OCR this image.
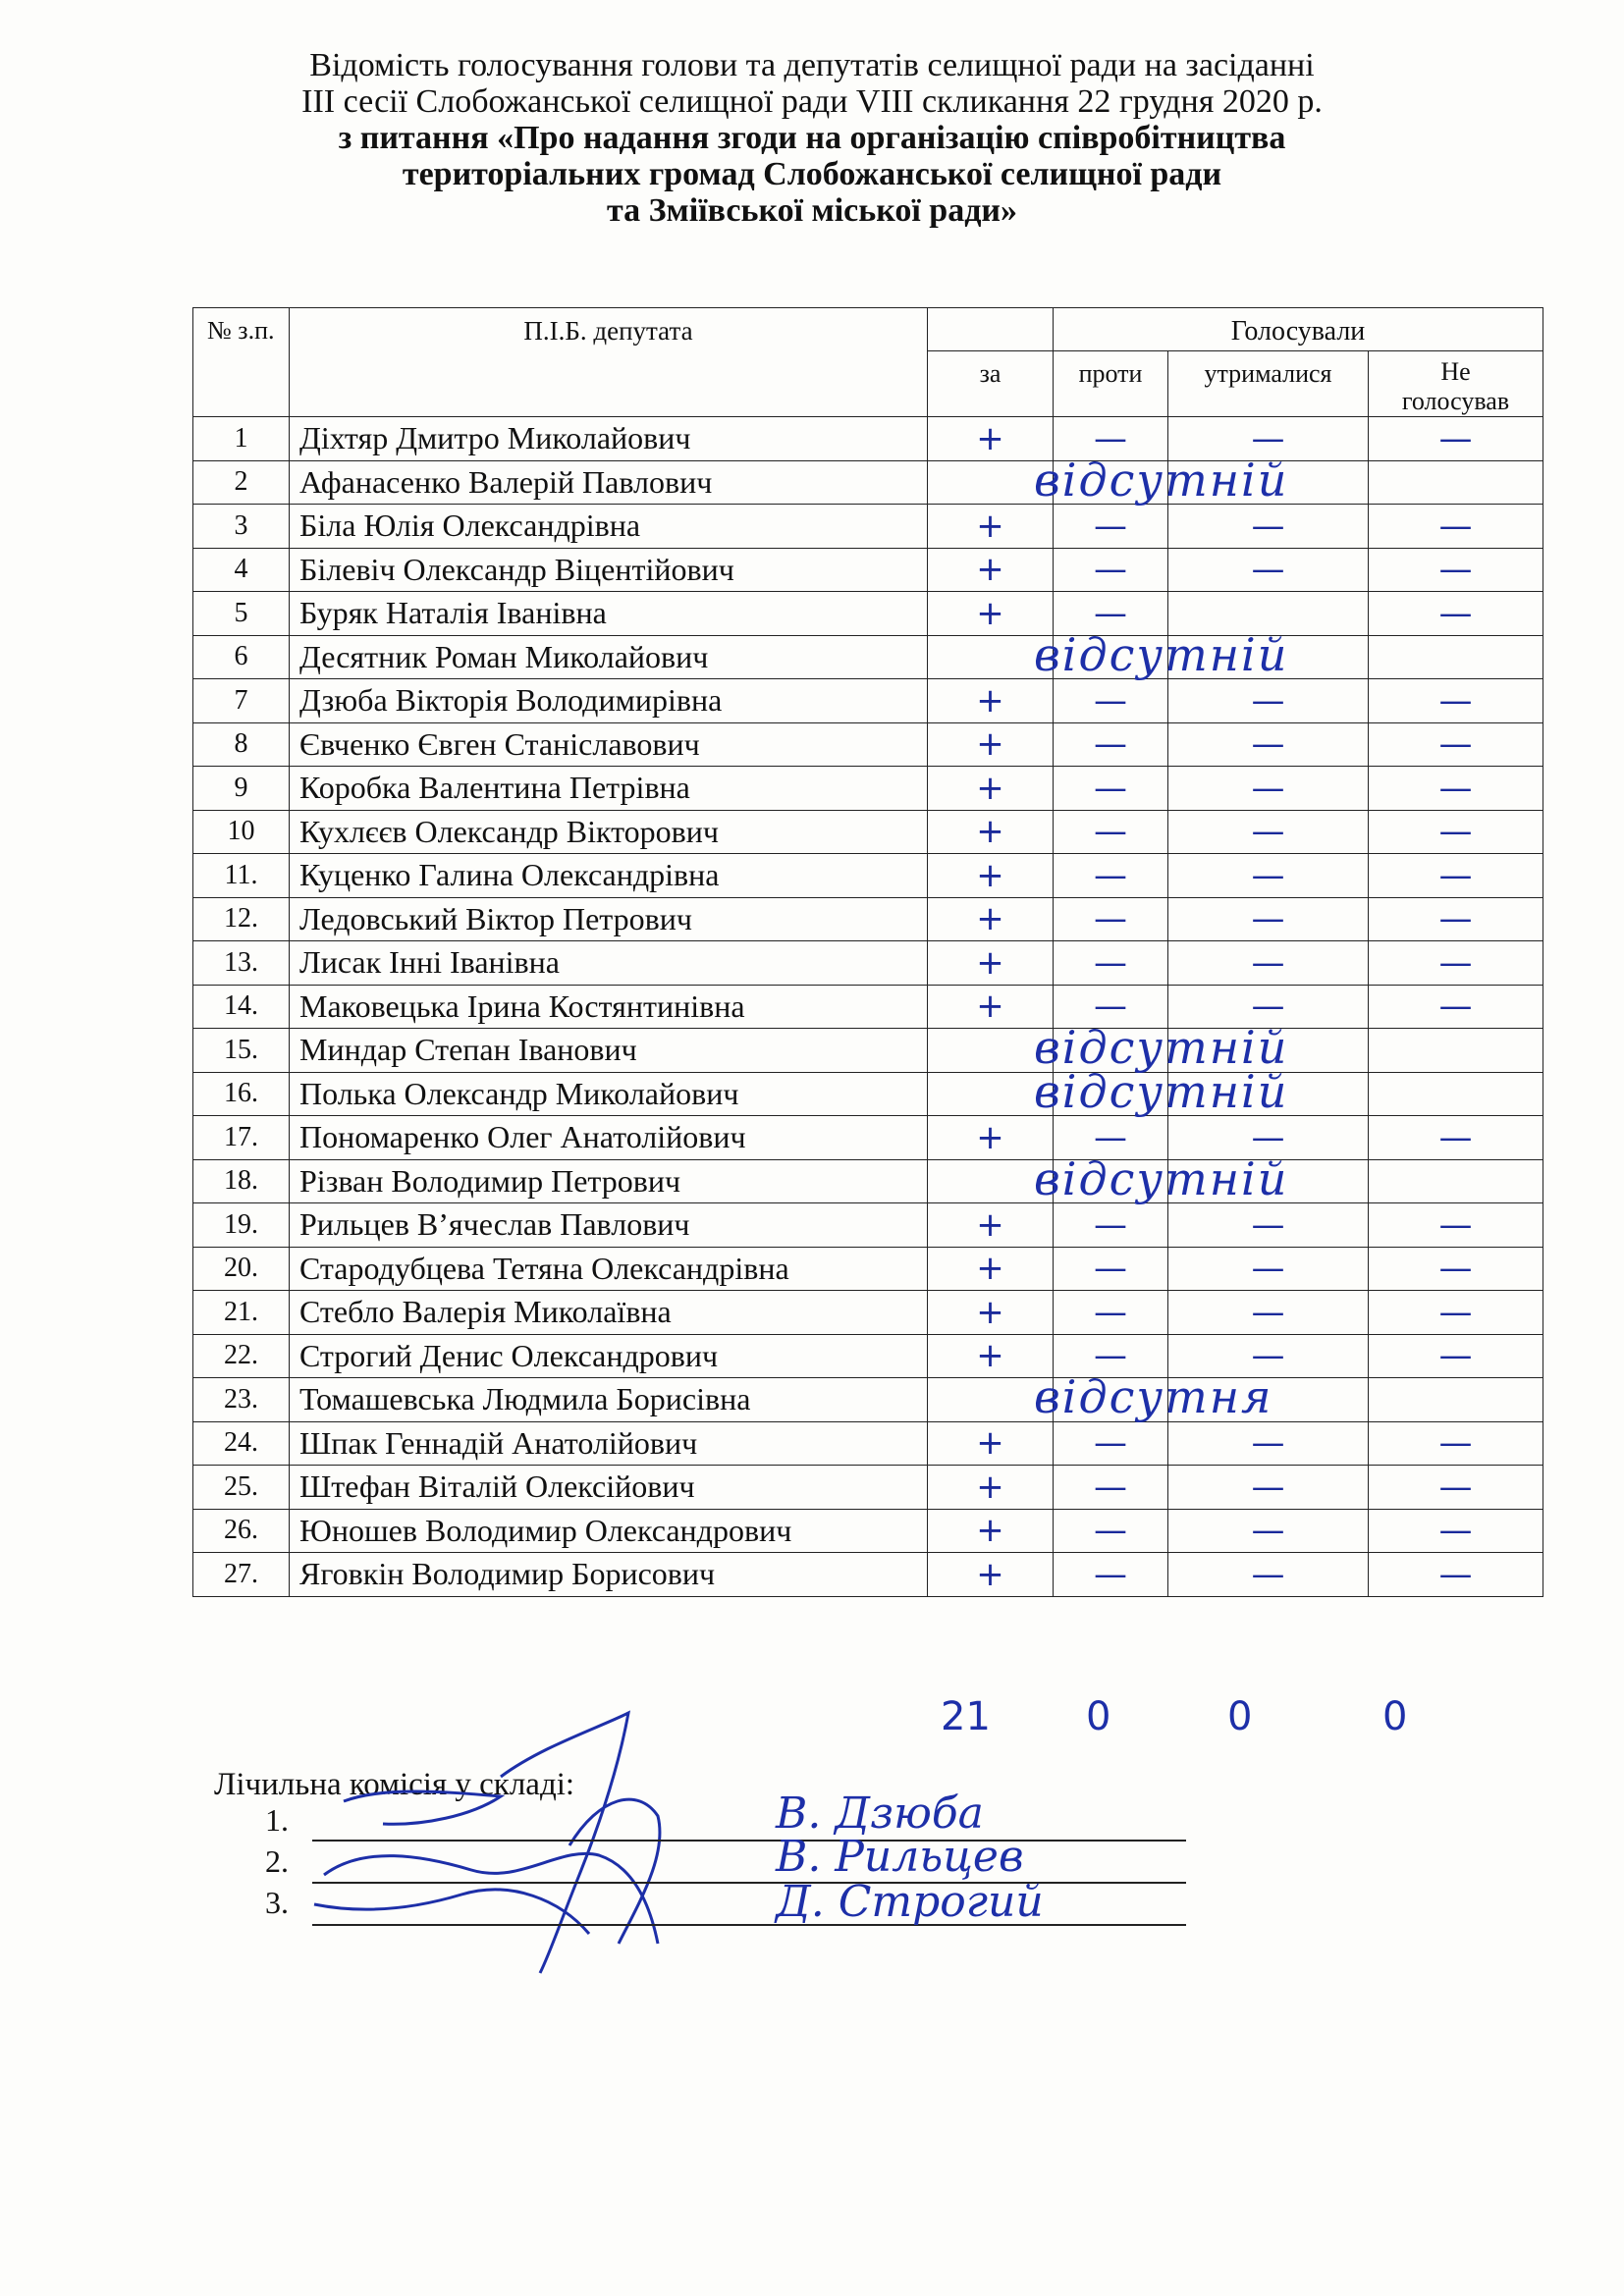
Відомість голосування голови та депутатів селищної ради на засіданні
ІІІ сесії Слобожанської селищної ради VIII скликання 22 грудня 2020 р.
з питання «Про надання згоди на організацію співробітництва
територіальних громад Слобожанської селищної ради
та Зміївської міської ради»
№ з.п.	П.І.Б. депутата		Голосували		
		за	проти	утрималися	Не голосував
1	Діхтяр Дмитро Миколайович	+	—	—	—

2	Афанасенко Валерій Павлович		відсутній		

3	Біла Юлія Олександрівна	+	—	—	—

4	Білевіч Олександр Віцентійович	+	—	—	—

5	Буряк Наталія Іванівна	+	—		—

6	Десятник Роман Миколайович		відсутній		

7	Дзюба Вікторія Володимирівна	+	—	—	—

8	Євченко Євген Станіславович	+	—	—	—

9	Коробка Валентина Петрівна	+	—	—	—

10	Кухлєєв Олександр Вікторович	+	—	—	—

11.	Куценко Галина Олександрівна	+	—	—	—

12.	Ледовський Віктор Петрович	+	—	—	—

13.	Лисак Інні Іванівна	+	—	—	—

14.	Маковецька Ірина Костянтинівна	+	—	—	—

15.	Миндар Степан Іванович		відсутній		

16.	Полька Олександр Миколайович		відсутній		

17.	Пономаренко Олег Анатолійович	+	—	—	—

18.	Різван Володимир Петрович		відсутній		

19.	Рильцев В’ячеслав Павлович	+	—	—	—

20.	Стародубцева Тетяна Олександрівна	+	—	—	—

21.	Стебло Валерія Миколаївна	+	—	—	—

22.	Строгий Денис Олександрович	+	—	—	—

23.	Томашевська Людмила Борисівна		відсутня		

24.	Шпак Геннадій Анатолійович	+	—	—	—

25.	Штефан Віталій Олексійович	+	—	—	—

26.	Юношев Володимир Олександрович	+	—	—	—

27.	Яговкін Володимир Борисович	+	—	—	—
21 0	0	0
Лічильна комісія у складі:
1.	В. Дзюба
2.	В. Рильцев
3.	Д. Строгий
